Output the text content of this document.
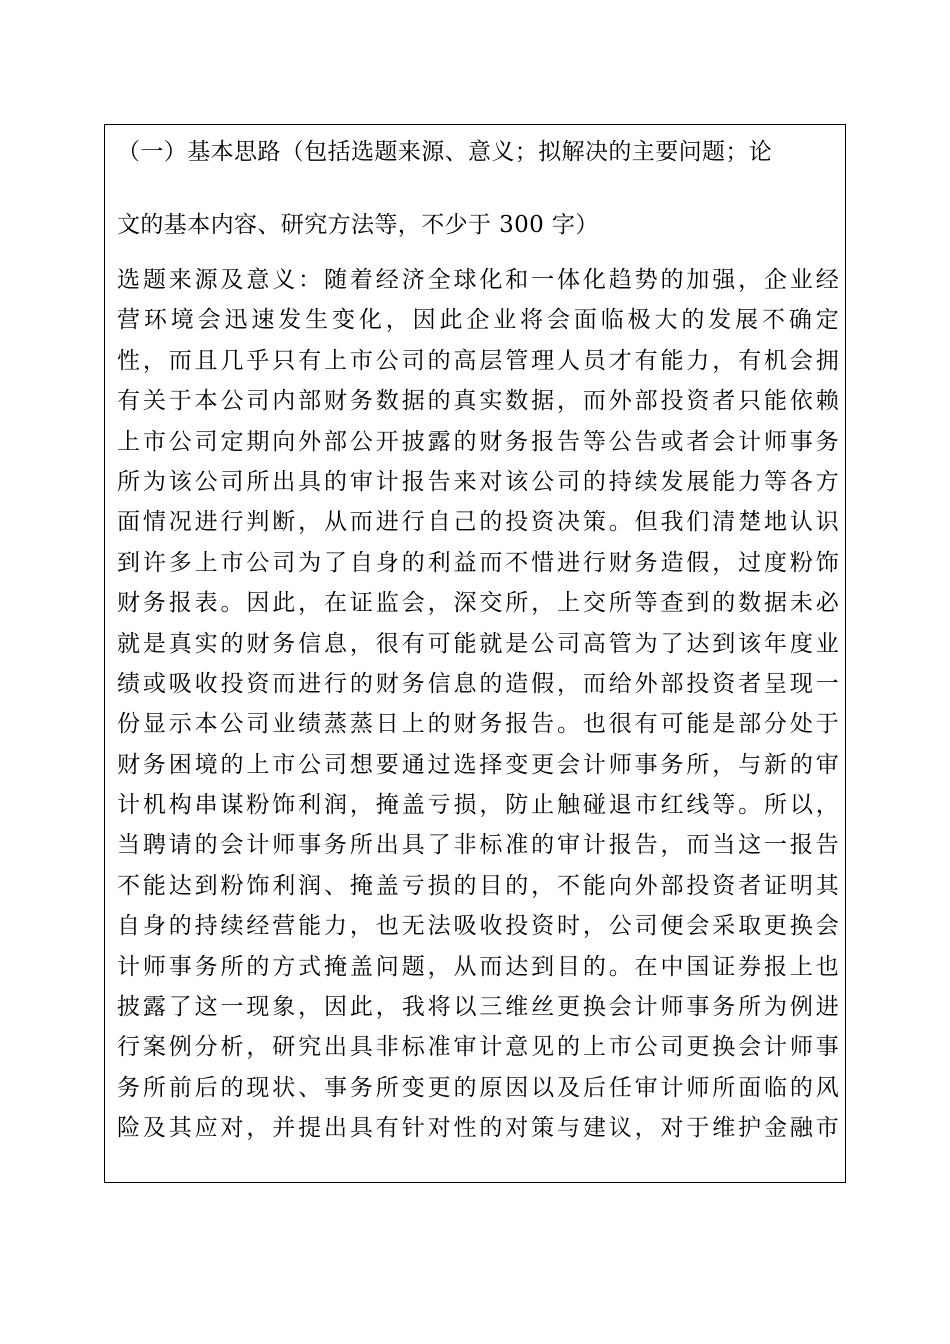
（一）基本思路（包括选题来源、意义；拟解决的主要问题；论
文的基本内容、研究方法等，不少于 300 字）
选题来源及意义：随着经济全球化和一体化趋势的加强，企业经
营环境会迅速发生变化，因此企业将会面临极大的发展不确定
性，而且几乎只有上市公司的高层管理人员才有能力，有机会拥
有关于本公司内部财务数据的真实数据，而外部投资者只能依赖
上市公司定期向外部公开披露的财务报告等公告或者会计师事务
所为该公司所出具的审计报告来对该公司的持续发展能力等各方
面情况进行判断，从而进行自己的投资决策。但我们清楚地认识
到许多上市公司为了自身的利益而不惜进行财务造假，过度粉饰
财务报表。因此，在证监会，深交所，上交所等查到的数据未必
就是真实的财务信息，很有可能就是公司高管为了达到该年度业
绩或吸收投资而进行的财务信息的造假，而给外部投资者呈现一
份显示本公司业绩蒸蒸日上的财务报告。也很有可能是部分处于
财务困境的上市公司想要通过选择变更会计师事务所，与新的审
计机构串谋粉饰利润，掩盖亏损，防止触碰退市红线等。所以，
当聘请的会计师事务所出具了非标准的审计报告，而当这一报告
不能达到粉饰利润、掩盖亏损的目的，不能向外部投资者证明其
自身的持续经营能力，也无法吸收投资时，公司便会采取更换会
计师事务所的方式掩盖问题，从而达到目的。在中国证券报上也
披露了这一现象，因此，我将以三维丝更换会计师事务所为例进
行案例分析，研究出具非标准审计意见的上市公司更换会计师事
务所前后的现状、事务所变更的原因以及后任审计师所面临的风
险及其应对，并提出具有针对性的对策与建议，对于维护金融市
